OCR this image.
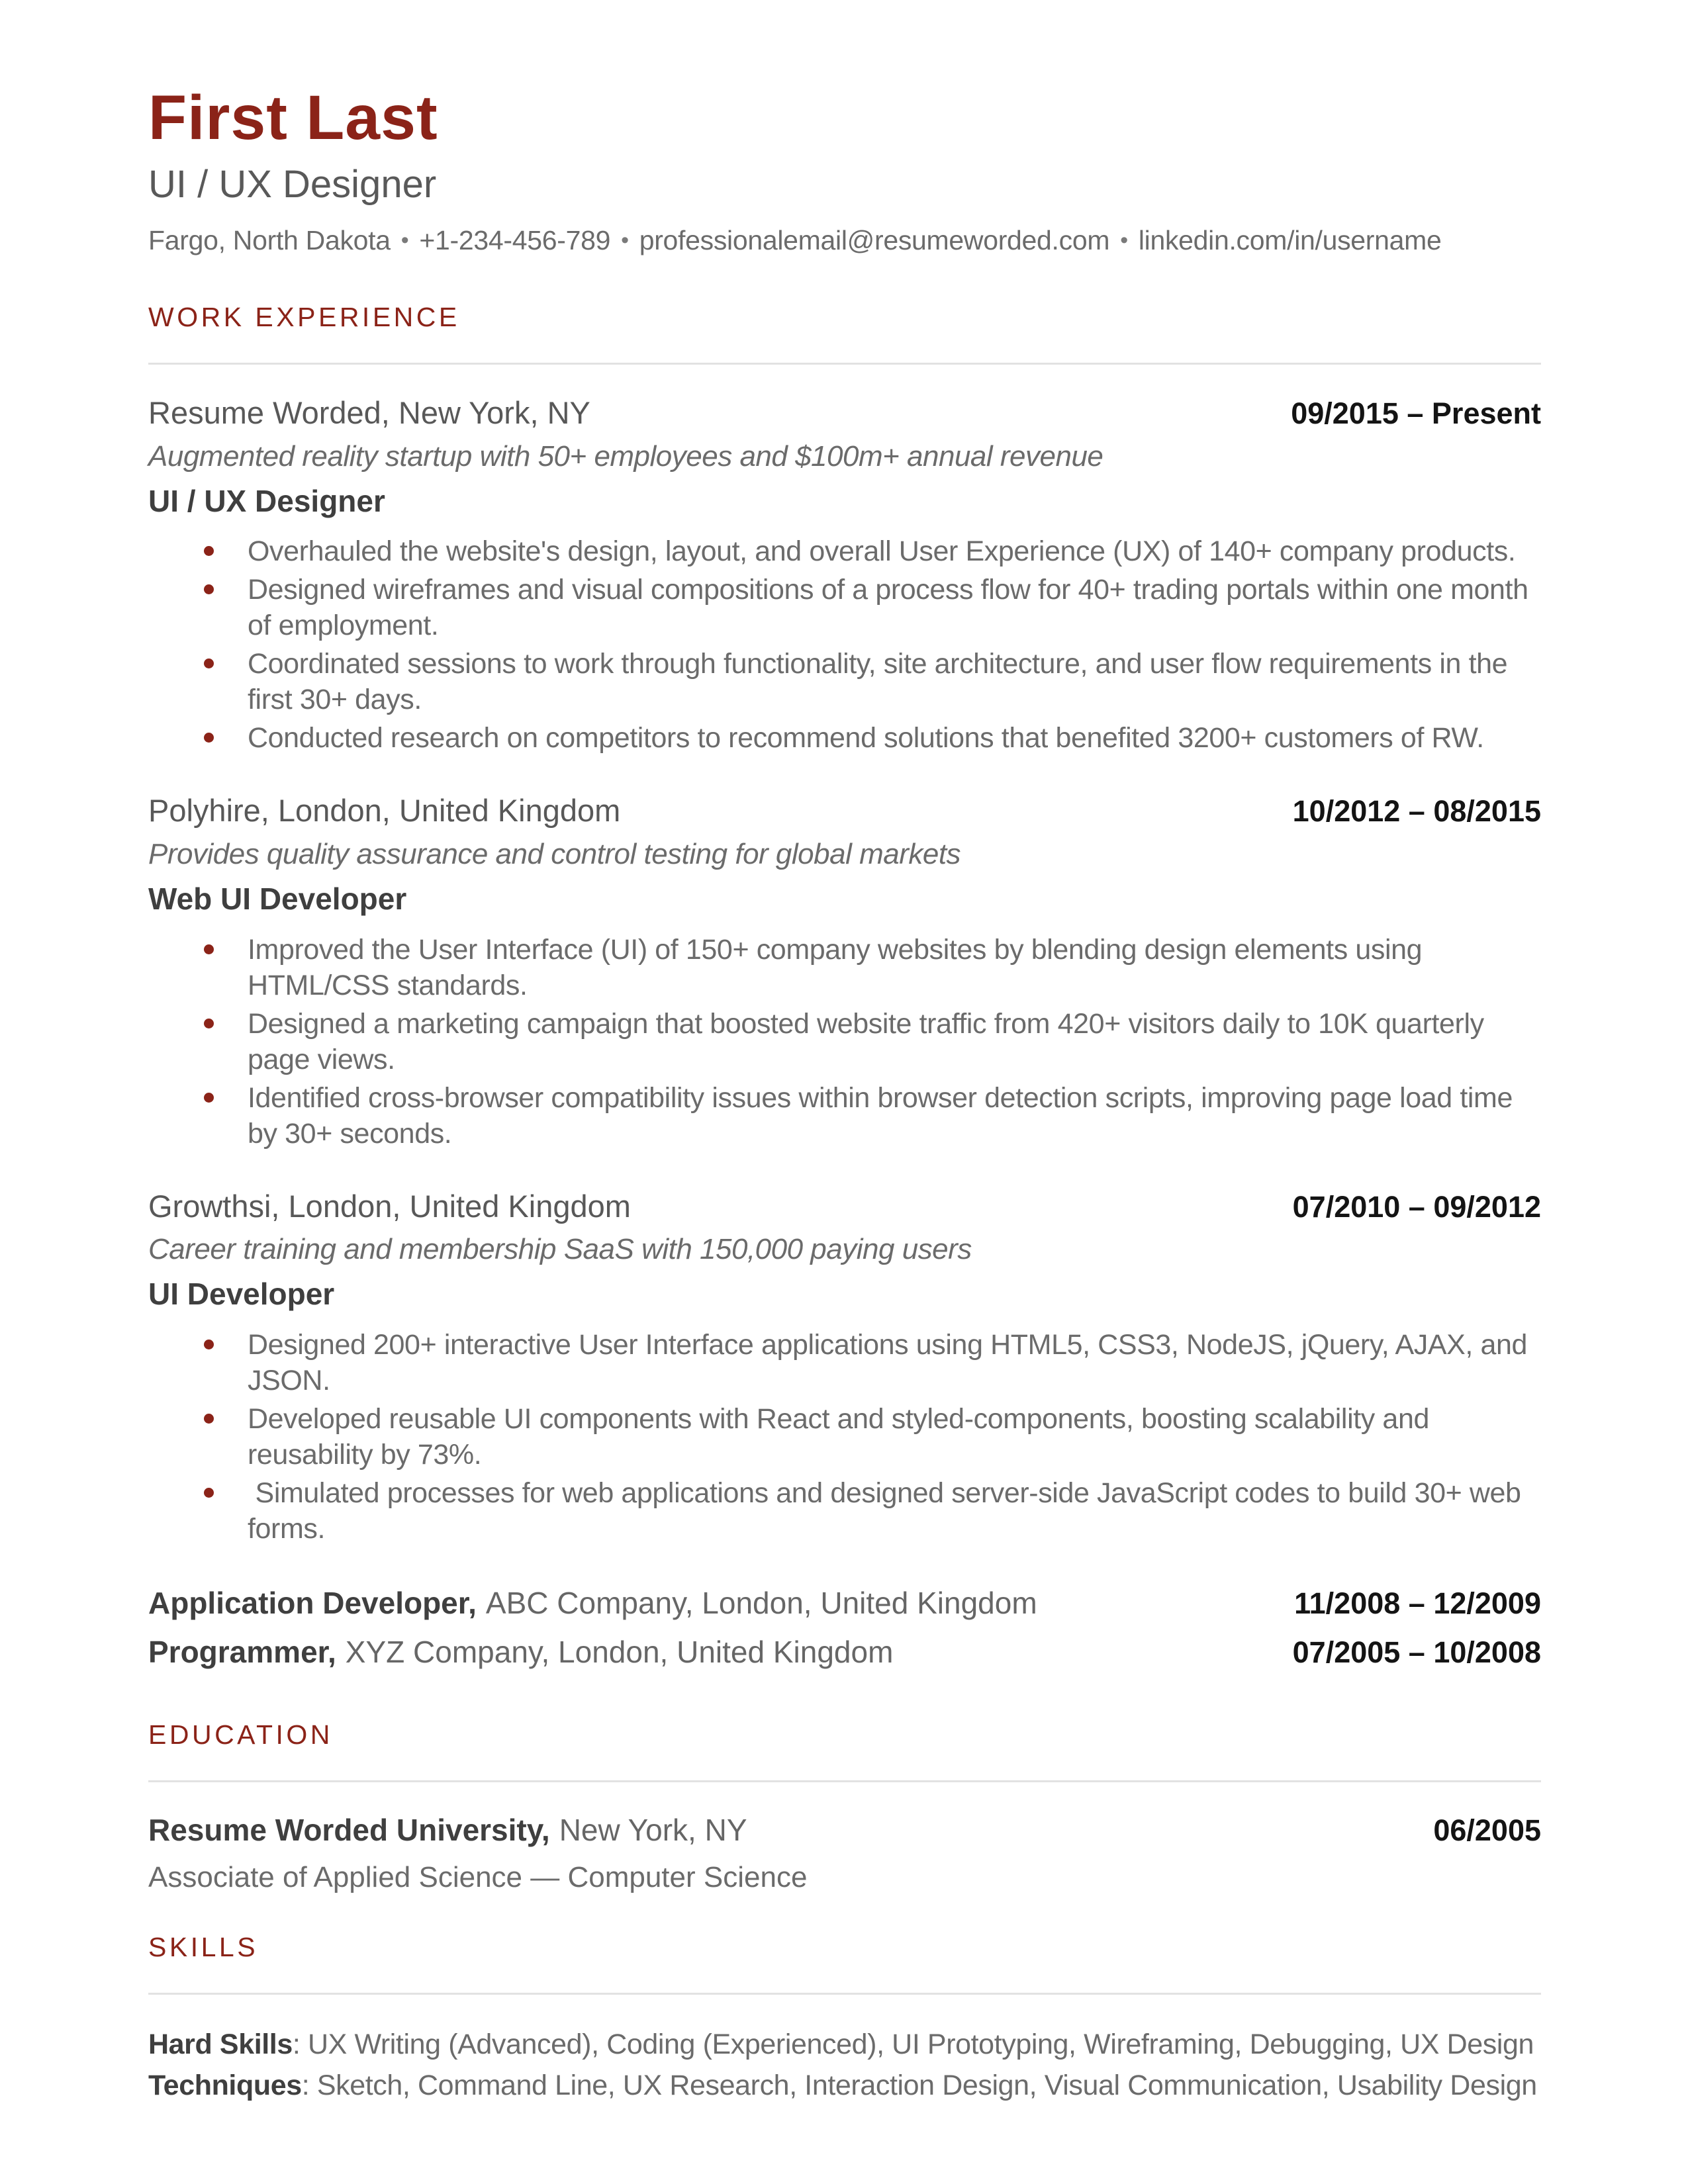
First Last
UI / UX Designer
Fargo, North Dakota • +1-234-456-789 • professionalemail@resumeworded.com • linkedin.com/in/username
WORK EXPERIENCE
Resume Worded, New York, NY	09/2015 – Present
Augmented reality startup with 50+ employees and $100m+ annual revenue
UI / UX Designer
Overhauled the website's design, layout, and overall User Experience (UX) of 140+ company products.
Designed wireframes and visual compositions of a process flow for 40+ trading portals within one month of employment.
Coordinated sessions to work through functionality, site architecture, and user flow requirements in the first 30+ days.
Conducted research on competitors to recommend solutions that benefited 3200+ customers of RW.
Polyhire, London, United Kingdom	10/2012 – 08/2015
Provides quality assurance and control testing for global markets
Web UI Developer
Improved the User Interface (UI) of 150+ company websites by blending design elements using HTML/CSS standards.
Designed a marketing campaign that boosted website traffic from 420+ visitors daily to 10K quarterly page views.
Identified cross-browser compatibility issues within browser detection scripts, improving page load time by 30+ seconds.
Growthsi, London, United Kingdom	07/2010 – 09/2012
Career training and membership SaaS with 150,000 paying users
UI Developer
Designed 200+ interactive User Interface applications using HTML5, CSS3, NodeJS, jQuery, AJAX, and JSON.
Developed reusable UI components with React and styled-components, boosting scalability and reusability by 73%.
Simulated processes for web applications and designed server-side JavaScript codes to build 30+ web forms.
Application Developer, ABC Company, London, United Kingdom	11/2008 – 12/2009
Programmer, XYZ Company, London, United Kingdom	07/2005 – 10/2008
EDUCATION
Resume Worded University, New York, NY	06/2005
Associate of Applied Science — Computer Science
SKILLS
Hard Skills: UX Writing (Advanced), Coding (Experienced), UI Prototyping, Wireframing, Debugging, UX Design
Techniques: Sketch, Command Line, UX Research, Interaction Design, Visual Communication, Usability Design
